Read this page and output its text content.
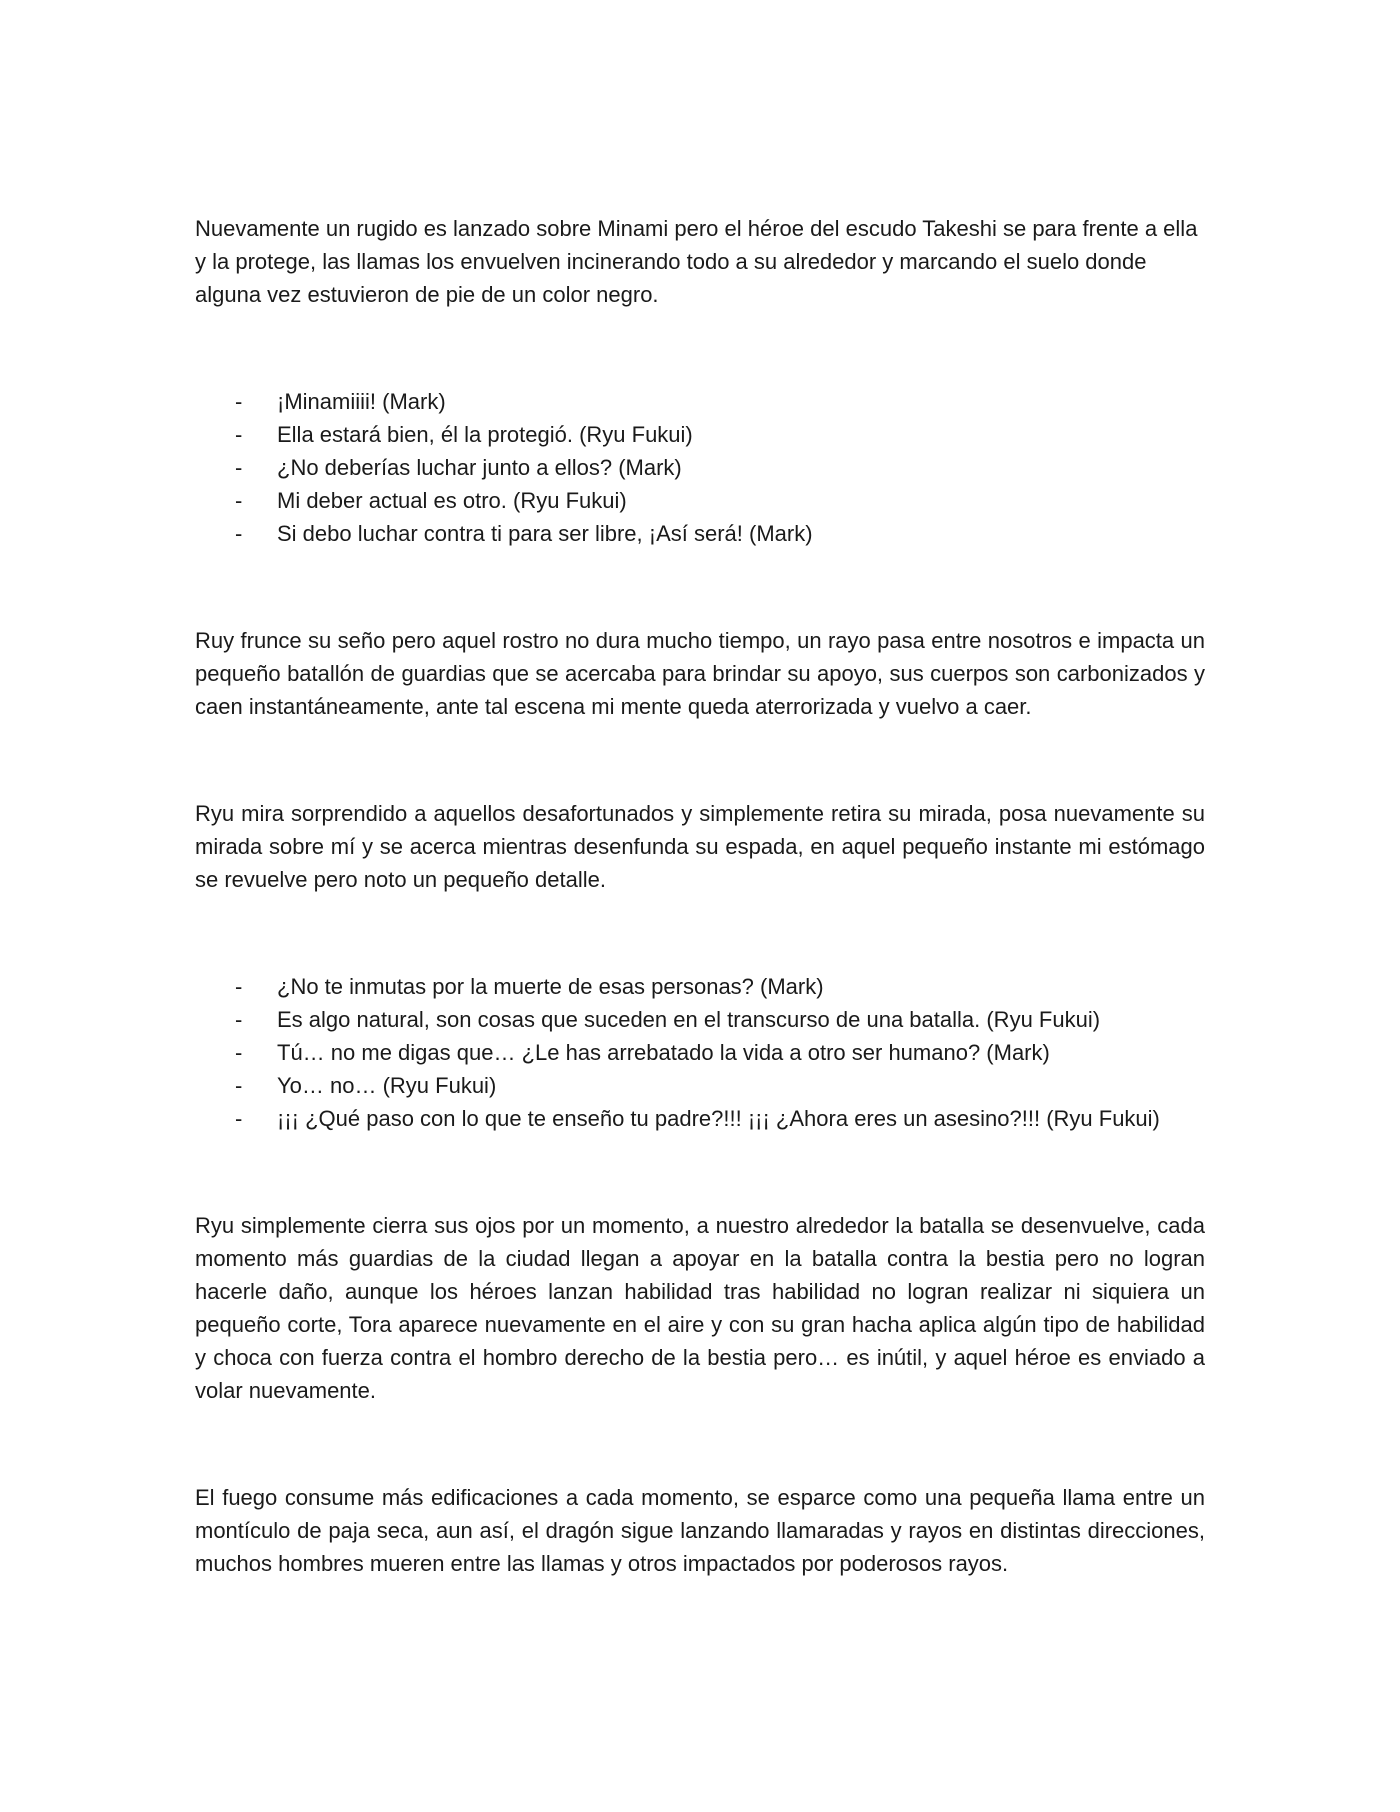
Nuevamente un rugido es lanzado sobre Minami pero el héroe del escudo Takeshi se para frente a ella y la protege, las llamas los envuelven incinerando todo a su alrededor y marcando el suelo donde alguna vez estuvieron de pie de un color negro.

- ¡Minamiiii! (Mark)
- Ella estará bien, él la protegió. (Ryu Fukui)
- ¿No deberías luchar junto a ellos? (Mark)
- Mi deber actual es otro. (Ryu Fukui)
- Si debo luchar contra ti para ser libre, ¡Así será! (Mark)

Ruy frunce su seño pero aquel rostro no dura mucho tiempo, un rayo pasa entre nosotros e impacta un pequeño batallón de guardias que se acercaba para brindar su apoyo, sus cuerpos son carbonizados y caen instantáneamente, ante tal escena mi mente queda aterrorizada y vuelvo a caer.

Ryu mira sorprendido a aquellos desafortunados y simplemente retira su mirada, posa nuevamente su mirada sobre mí y se acerca mientras desenfunda su espada, en aquel pequeño instante mi estómago se revuelve pero noto un pequeño detalle.

- ¿No te inmutas por la muerte de esas personas? (Mark)
- Es algo natural, son cosas que suceden en el transcurso de una batalla. (Ryu Fukui)
- Tú… no me digas que… ¿Le has arrebatado la vida a otro ser humano? (Mark)
- Yo… no… (Ryu Fukui)
- ¡¡¡ ¿Qué paso con lo que te enseño tu padre?!!! ¡¡¡ ¿Ahora eres un asesino?!!! (Ryu Fukui)

Ryu simplemente cierra sus ojos por un momento, a nuestro alrededor la batalla se desenvuelve, cada momento más guardias de la ciudad llegan a apoyar en la batalla contra la bestia pero no logran hacerle daño, aunque los héroes lanzan habilidad tras habilidad no logran realizar ni siquiera un pequeño corte, Tora aparece nuevamente en el aire y con su gran hacha aplica algún tipo de habilidad y choca con fuerza contra el hombro derecho de la bestia pero… es inútil, y aquel héroe es enviado a volar nuevamente.

El fuego consume más edificaciones a cada momento, se esparce como una pequeña llama entre un montículo de paja seca, aun así, el dragón sigue lanzando llamaradas y rayos en distintas direcciones, muchos hombres mueren entre las llamas y otros impactados por poderosos rayos.
